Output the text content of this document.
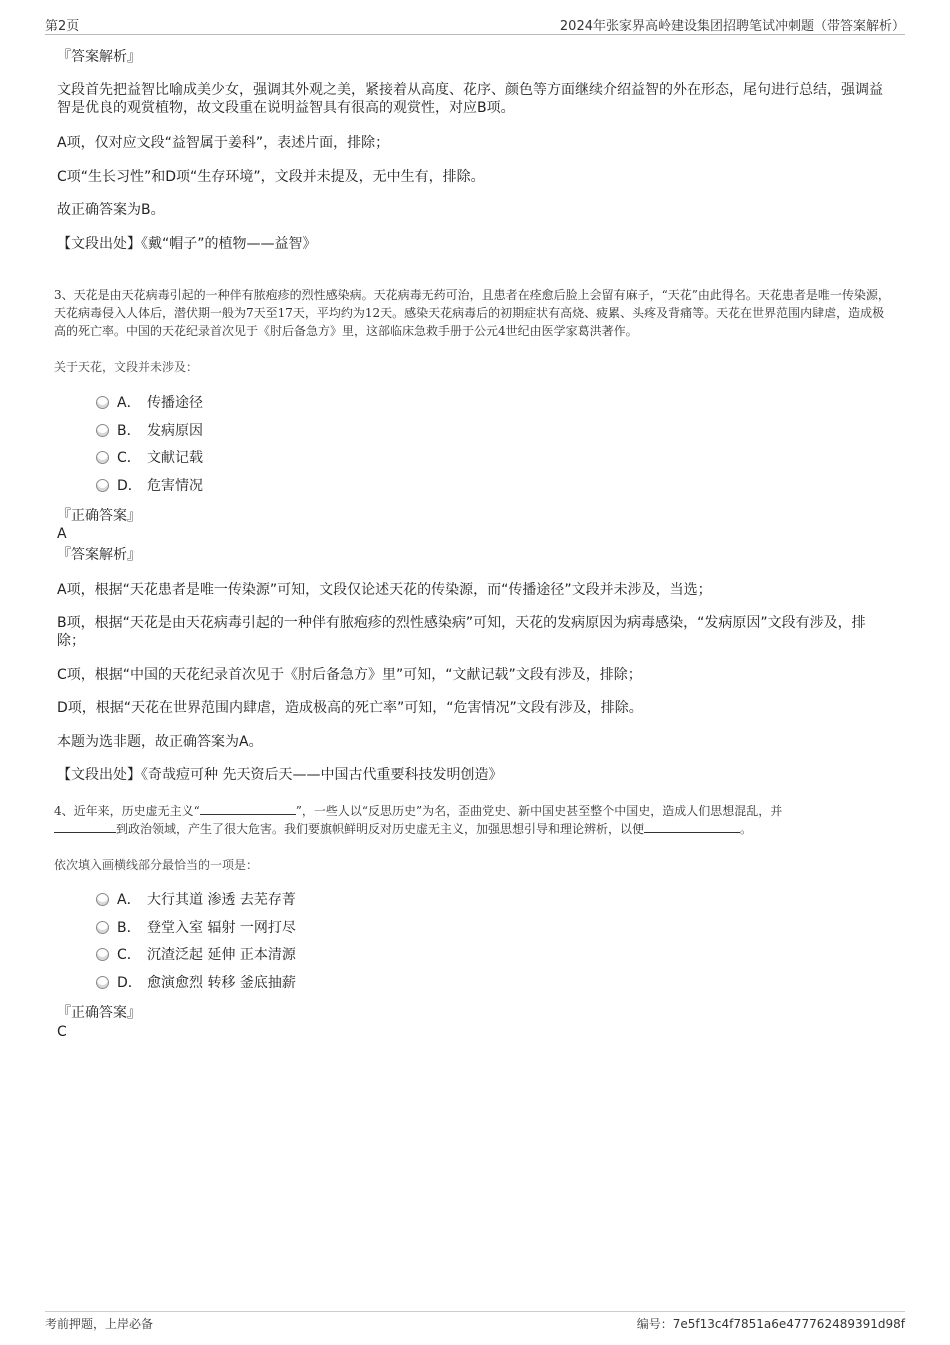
第2页	2024年张家界高岭建设集团招聘笔试冲刺题（带答案解析）
『答案解析』
文段首先把益智比喻成美少女，强调其外观之美，紧接着从高度、花序、颜色等方面继续介绍益智的外在形态，尾句进行总结，强调益智是优良的观赏植物，故文段重在说明益智具有很高的观赏性，对应B项。
A项，仅对应文段“益智属于姜科”，表述片面，排除；
C项“生长习性”和D项“生存环境”，文段并未提及，无中生有，排除。
故正确答案为B。
【文段出处】《戴“帽子”的植物——益智》
3、天花是由天花病毒引起的一种伴有脓疱疹的烈性感染病。天花病毒无药可治，且患者在痊愈后脸上会留有麻子，“天花”由此得名。天花患者是唯一传染源，天花病毒侵入人体后，潜伏期一般为7天至17天，平均约为12天。感染天花病毒后的初期症状有高烧、疲累、头疼及背痛等。天花在世界范围内肆虐，造成极高的死亡率。中国的天花纪录首次见于《肘后备急方》里，这部临床急救手册于公元4世纪由医学家葛洪著作。
关于天花，文段并未涉及：
A． 传播途径
B． 发病原因
C． 文献记载
D． 危害情况
『正确答案』
A
『答案解析』
A项，根据“天花患者是唯一传染源”可知，文段仅论述天花的传染源，而“传播途径”文段并未涉及，当选；
B项，根据“天花是由天花病毒引起的一种伴有脓疱疹的烈性感染病”可知，天花的发病原因为病毒感染，“发病原因”文段有涉及，排除；
C项，根据“中国的天花纪录首次见于《肘后备急方》里”可知，“文献记载”文段有涉及，排除；
D项，根据“天花在世界范围内肆虐，造成极高的死亡率”可知，“危害情况”文段有涉及，排除。
本题为选非题，故正确答案为A。
【文段出处】《奇哉痘可种 先天资后天——中国古代重要科技发明创造》
4、近年来，历史虚无主义“	”，一些人以“反思历史”为名，歪曲党史、新中国史甚至整个中国史，造成人们思想混乱，并
到政治领域，产生了很大危害。我们要旗帜鲜明反对历史虚无主义，加强思想引导和理论辨析，以便	。
依次填入画横线部分最恰当的一项是：
A． 大行其道 渗透 去芜存菁
B． 登堂入室 辐射 一网打尽
C． 沉渣泛起 延伸 正本清源
D． 愈演愈烈 转移 釜底抽薪
『正确答案』
C
考前押题，上岸必备	编号：7e5f13c4f7851a6e477762489391d98f
